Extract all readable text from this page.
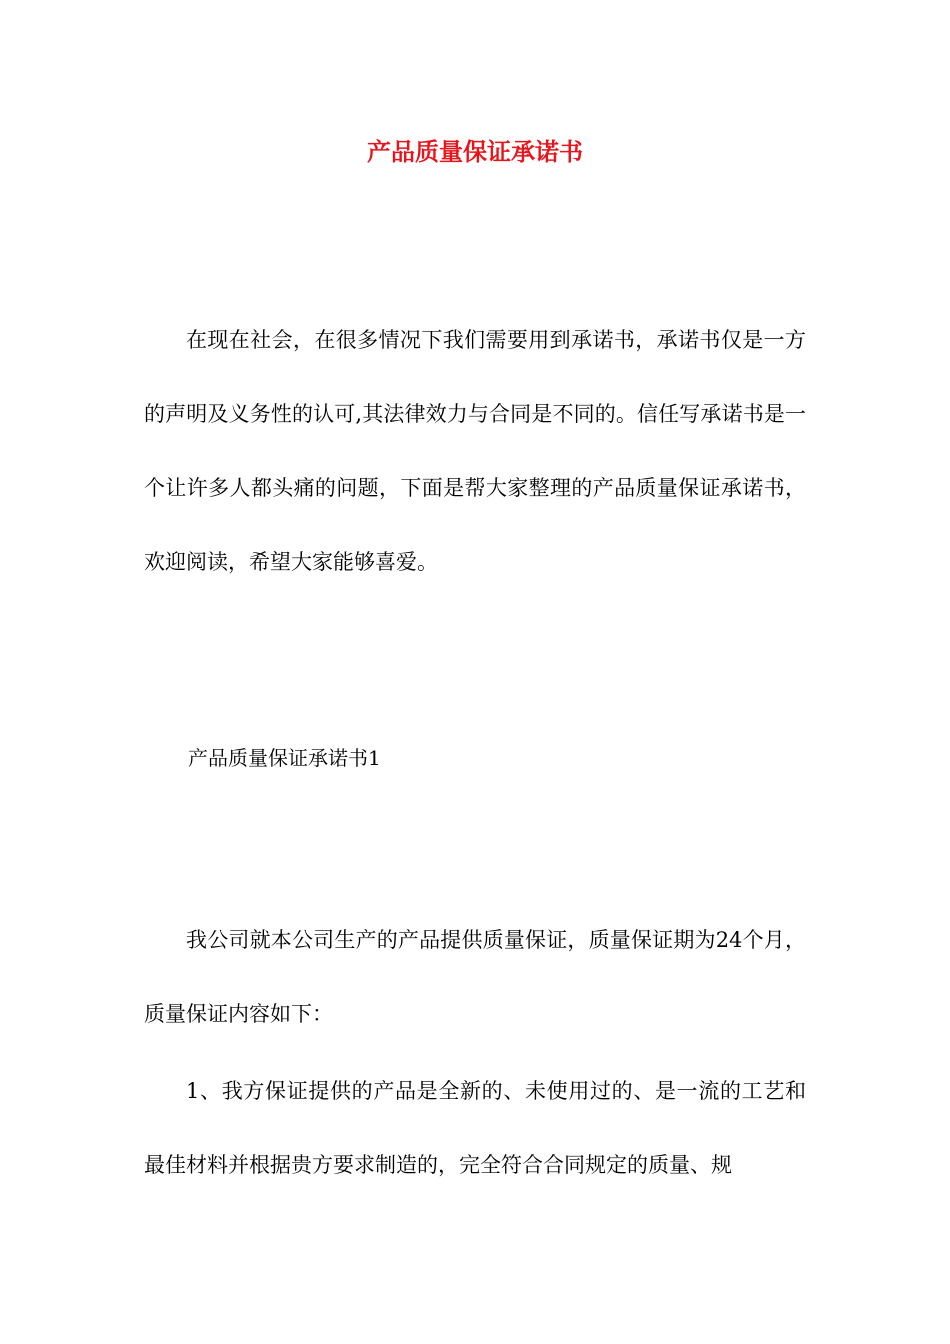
产品质量保证承诺书

在现在社会，在很多情况下我们需要用到承诺书，承诺书仅是一方的声明及义务性的认可,其法律效力与合同是不同的。信任写承诺书是一个让许多人都头痛的问题，下面是帮大家整理的产品质量保证承诺书，欢迎阅读，希望大家能够喜爱。

产品质量保证承诺书1

我公司就本公司生产的产品提供质量保证，质量保证期为24个月，质量保证内容如下：

1、我方保证提供的产品是全新的、未使用过的、是一流的工艺和最佳材料并根据贵方要求制造的，完全符合合同规定的质量、规
